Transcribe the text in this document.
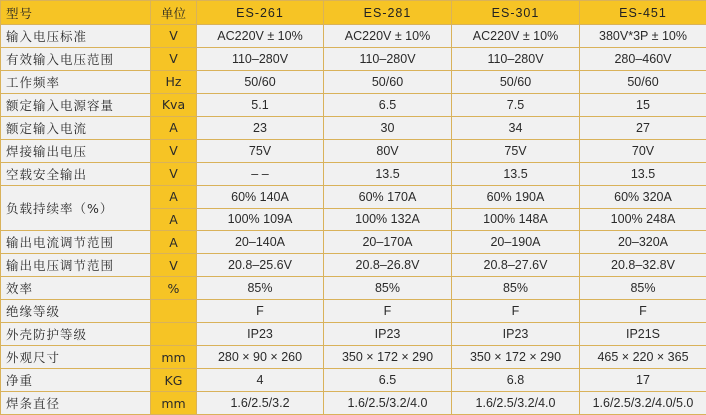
型号	单位	ES-261	ES-281	ES-301	ES-451
输入电压标准	V	AC220V ± 10%	AC220V ± 10%	AC220V ± 10%	380V*3P ± 10%
有效输入电压范围	V	110–280V	110–280V	110–280V	280–460V
工作频率	Hz	50/60	50/60	50/60	50/60
额定输入电源容量	Kva	5.1	6.5	7.5	15
额定输入电流	A	23	30	34	27
焊接输出电压	V	75V	80V	75V	70V
空载安全输出	V	– –	13.5	13.5	13.5
负载持续率（%）	A	60% 140A	60% 170A	60% 190A	60% 320A
	A	100% 109A	100% 132A	100% 148A	100% 248A
输出电流调节范围	A	20–140A	20–170A	20–190A	20–320A
输出电压调节范围	V	20.8–25.6V	20.8–26.8V	20.8–27.6V	20.8–32.8V
效率	%	85%	85%	85%	85%
绝缘等级		F	F	F	F
外壳防护等级		IP23	IP23	IP23	IP21S
外观尺寸	mm	280 × 90 × 260	350 × 172 × 290	350 × 172 × 290	465 × 220 × 365
净重	KG	4	6.5	6.8	17
焊条直径	mm	1.6/2.5/3.2	1.6/2.5/3.2/4.0	1.6/2.5/3.2/4.0	1.6/2.5/3.2/4.0/5.0
